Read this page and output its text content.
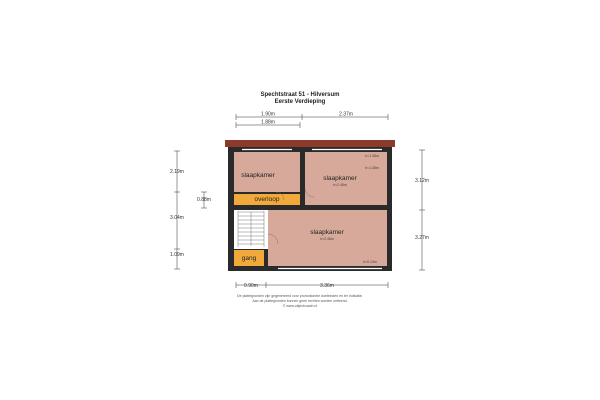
Spechtstraat 51 - Hilversum
Eerste Verdieping
1.90m	2.37m
1.88m
slaapkamer	slaapkamer
h=2.48m
h=1.38m
h=1.38m
overloop
slaapkamer
h=2.48m
h=0.13m
gang
2.19m
0.88m
3.04m
1.09m
3.12m
3.27m
0.90m	3.36m
De plattegronden zijn gegenereerd voor promotionele doeleinden en ter indicatie.
Aan de plattegronden kunnen geen rechten worden ontleend.
© www.objectcoach.nl
